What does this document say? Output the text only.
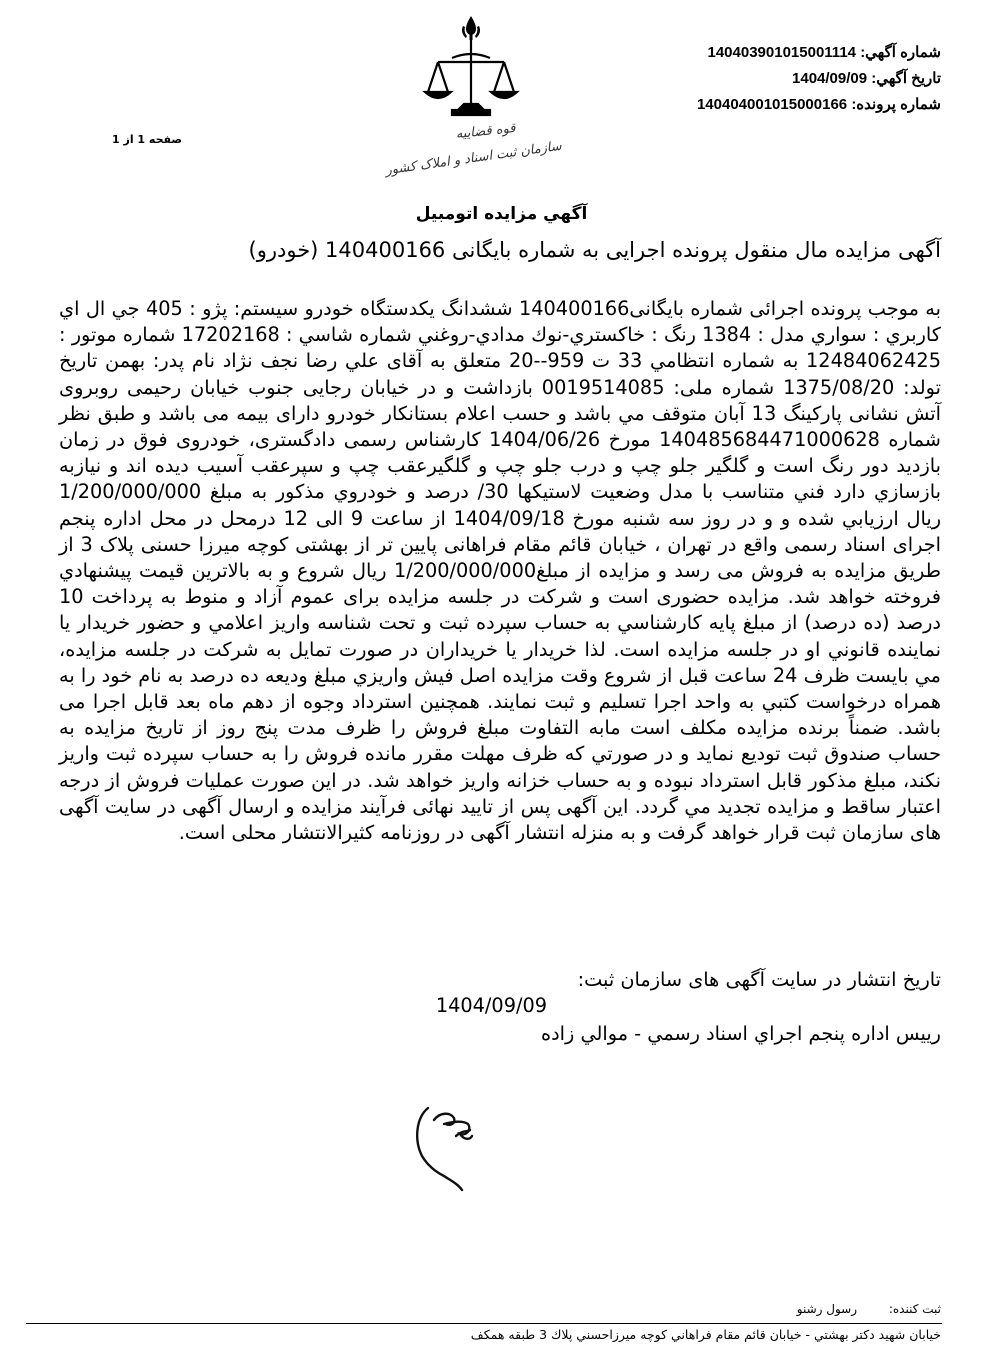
شماره آگهي: 140403901015001114
تاريخ آگهي: 1404/09/09
شماره پرونده: 140404001015000166
صفحه 1 از 1	قوه قضاییه
سازمان ثبت اسناد و املاک کشور
آگهي مزايده اتومبيل
آگهی مزایده مال منقول پرونده اجرایی به شماره بایگانی 140400166 (خودرو)
به موجب پرونده اجرائی شماره بایگانی140400166 ششدانگ يكدستگاه خودرو سيستم: پژو : 405 جي ال اي كاربري : سواري مدل : 1384 رنگ : خاكستري-نوك مدادي-روغني شماره شاسي : 17202168 شماره موتور : 12484062425 به شماره انتظامي 33 ت 959--20 متعلق به آقای علي رضا نجف نژاد نام پدر: بهمن تاریخ تولد: 1375/08/20 شماره ملی: 0019514085 بازداشت و در خیابان رجایی جنوب خیابان رحیمی روبروی آتش نشانی پارکینگ 13 آبان متوقف مي باشد و حسب اعلام بستانكار خودرو دارای بیمه می باشد و طبق نظر شماره 140485684471000628 مورخ 1404/06/26 کارشناس رسمی دادگستری، خودروی فوق در زمان بازدید دور رنگ است و گلگير جلو چپ و درب جلو چپ و گلگيرعقب چپ و سپرعقب آسيب ديده اند و نيازبه بازسازي دارد فني متناسب با مدل وضعيت لاستيكها 30/ درصد و خودروي مذكور به مبلغ 1/200/000/000 ريال ارزيابي شده و و در روز سه شنبه مورخ 1404/09/18 از ساعت 9 الی 12 درمحل در محل اداره پنجم اجرای اسناد رسمی واقع در تهران ، خیابان قائم مقام فراهانی پایین تر از بهشتی کوچه میرزا حسنی پلاک 3 از طریق مزایده به فروش می رسد و مزایده از مبلغ1/200/000/000 ريال شروع و به بالاترين قيمت پيشنهادي فروخته خواهد شد. مزایده حضوری است و شرکت در جلسه مزایده برای عموم آزاد و منوط به پرداخت 10 درصد (ده درصد) از مبلغ پایه کارشناسي به حساب سپرده ثبت و تحت شناسه واريز اعلامي و حضور خريدار يا نماينده قانوني او در جلسه مزايده است. لذا خریدار یا خریداران در صورت تمایل به شرکت در جلسه مزایده، مي بايست ظرف 24 ساعت قبل از شروع وقت مزايده اصل فيش واريزي مبلغ وديعه ده درصد به نام خود را به همراه درخواست كتبي به واحد اجرا تسليم و ثبت نمايند. همچنین استرداد وجوه از دهم ماه بعد قابل اجرا می باشد. ضمناً برنده مزایده مکلف است مابه التفاوت مبلغ فروش را ظرف مدت پنج روز از تاریخ مزایده به حساب صندوق ثبت تودیع نماید و در صورتي كه ظرف مهلت مقرر مانده فروش را به حساب سپرده ثبت واريز نكند، مبلغ مذكور قابل استرداد نبوده و به حساب خزانه واريز خواهد شد. در این صورت عملیات فروش از درجه اعتبار ساقط و مزایده تجدید مي گردد. این آگهی پس از تایید نهائی فرآیند مزایده و ارسال آگهی در سایت آگهی های سازمان ثبت قرار خواهد گرفت و به منزله انتشار آگهی در روزنامه کثیرالانتشار محلی است.
تاريخ انتشار در سایت آگهی های سازمان ثبت:
1404/09/09
رييس اداره پنجم اجراي اسناد رسمي - موالي زاده
ثبت كننده: رسول رشنو
خيابان شهيد دكتر بهشتي - خيابان قائم مقام فراهاني كوچه ميرزاحسني پلاك 3 طبقه همكف
